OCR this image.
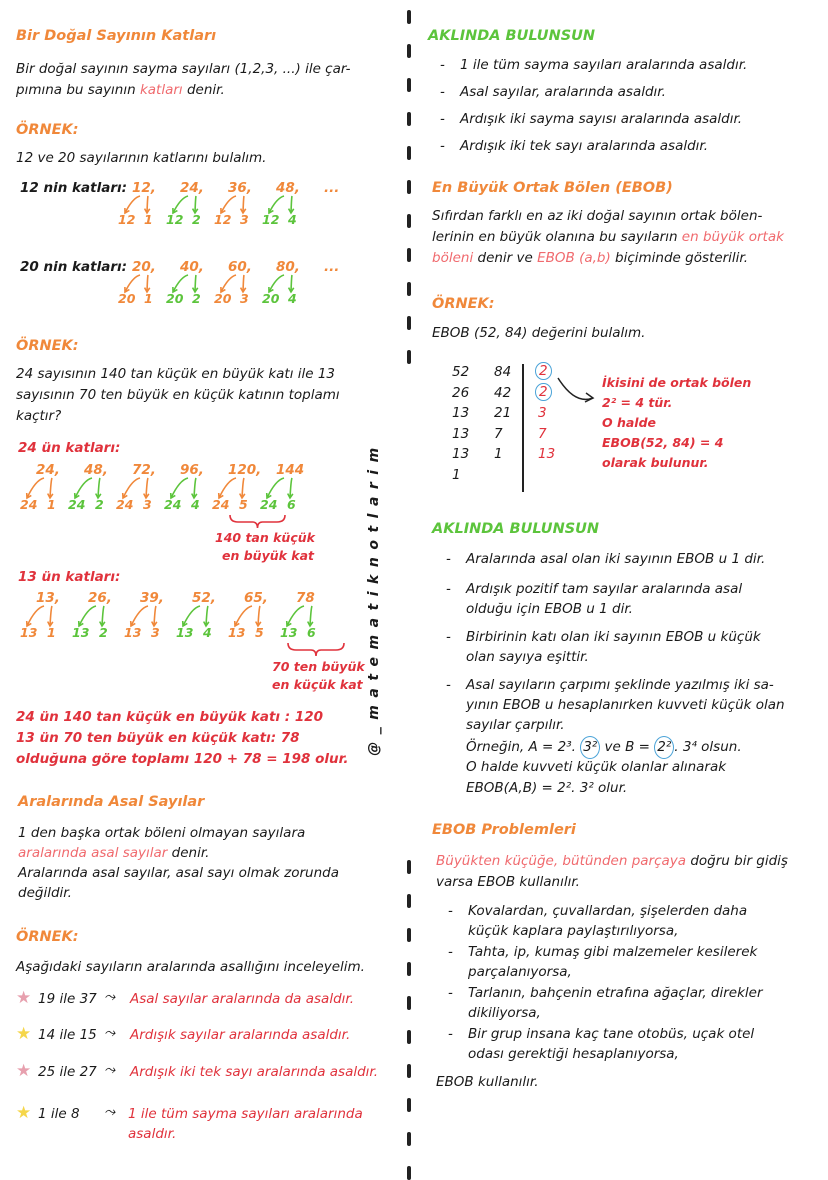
Bir Doğal Sayının Katları
Bir doğal sayının sayma sayıları (1,2,3, ...) ile çar-
pımına bu sayının katları denir.
ÖRNEK:
12 ve 20 sayılarının katlarını bulalım.
12 nin katları: 12, 24, 36, 48, ...
12 1 12 2 12 3 12 4
20 nin katları: 20, 40, 60, 80, ...
20 1 20 2 20 3 20 4
ÖRNEK:
24 sayısının 140 tan küçük en büyük katı ile 13
sayısının 70 ten büyük en küçük katının toplamı
kaçtır?
24 ün katları:
24, 48, 72, 96, 120, 144
24 1 24 2 24 3 24 4 24 5 24 6
140 tan küçük
en büyük kat
13 ün katları:
13, 26, 39, 52, 65, 78
13 1 13 2 13 3 13 4 13 5 13 6
70 ten büyük
en küçük kat
24 ün 140 tan küçük en büyük katı : 120
13 ün 70 ten büyük en küçük katı: 78
olduğuna göre toplamı 120 + 78 = 198 olur.
Aralarında Asal Sayılar
1 den başka ortak böleni olmayan sayılara
aralarında asal sayılar denir.
Aralarında asal sayılar, asal sayı olmak zorunda
değildir.
ÖRNEK:
Aşağıdaki sayıların aralarında asallığını inceleyelim.
★ 19 ile 37 ⤳ Asal sayılar aralarında da asaldır.
★ 14 ile 15 ⤳ Ardışık sayılar aralarında asaldır.
★ 25 ile 27 ⤳ Ardışık iki tek sayı aralarında asaldır.
★ 1 ile 8 ⤳ 1 ile tüm sayma sayıları aralarında
asaldır.
@_matematiknotlarim
AKLINDA BULUNSUN
- 1 ile tüm sayma sayıları aralarında asaldır.
- Asal sayılar, aralarında asaldır.
- Ardışık iki sayma sayısı aralarında asaldır.
- Ardışık iki tek sayı aralarında asaldır.
En Büyük Ortak Bölen (EBOB)
Sıfırdan farklı en az iki doğal sayının ortak bölen-
lerinin en büyük olanına bu sayıların en büyük ortak
böleni denir ve EBOB (a,b) biçiminde gösterilir.
ÖRNEK:
EBOB (52, 84) değerini bulalım.
52
26
13
13
13
1
84
42
21
7
1
2
2
3
7
13
İkisini de ortak bölen
2² = 4 tür.
O halde
EBOB(52, 84) = 4
olarak bulunur.
AKLINDA BULUNSUN
- Aralarında asal olan iki sayının EBOB u 1 dir.
- Ardışık pozitif tam sayılar aralarında asal
olduğu için EBOB u 1 dir.
- Birbirinin katı olan iki sayının EBOB u küçük
olan sayıya eşittir.
- Asal sayıların çarpımı şeklinde yazılmış iki sa-
yının EBOB u hesaplanırken kuvveti küçük olan
sayılar çarpılır.
Örneğin, A = 2³. 3² ve B = 2² . 3⁴ olsun.
O halde kuvveti küçük olanlar alınarak
EBOB(A,B) = 2². 3² olur.
EBOB Problemleri
Büyükten küçüğe, bütünden parçaya doğru bir gidiş
varsa EBOB kullanılır.
- Kovalardan, çuvallardan, şişelerden daha
küçük kaplara paylaştırılıyorsa,
- Tahta, ip, kumaş gibi malzemeler kesilerek
parçalanıyorsa,
- Tarlanın, bahçenin etrafına ağaçlar, direkler
dikiliyorsa,
- Bir grup insana kaç tane otobüs, uçak otel
odası gerektiği hesaplanıyorsa,
EBOB kullanılır.
